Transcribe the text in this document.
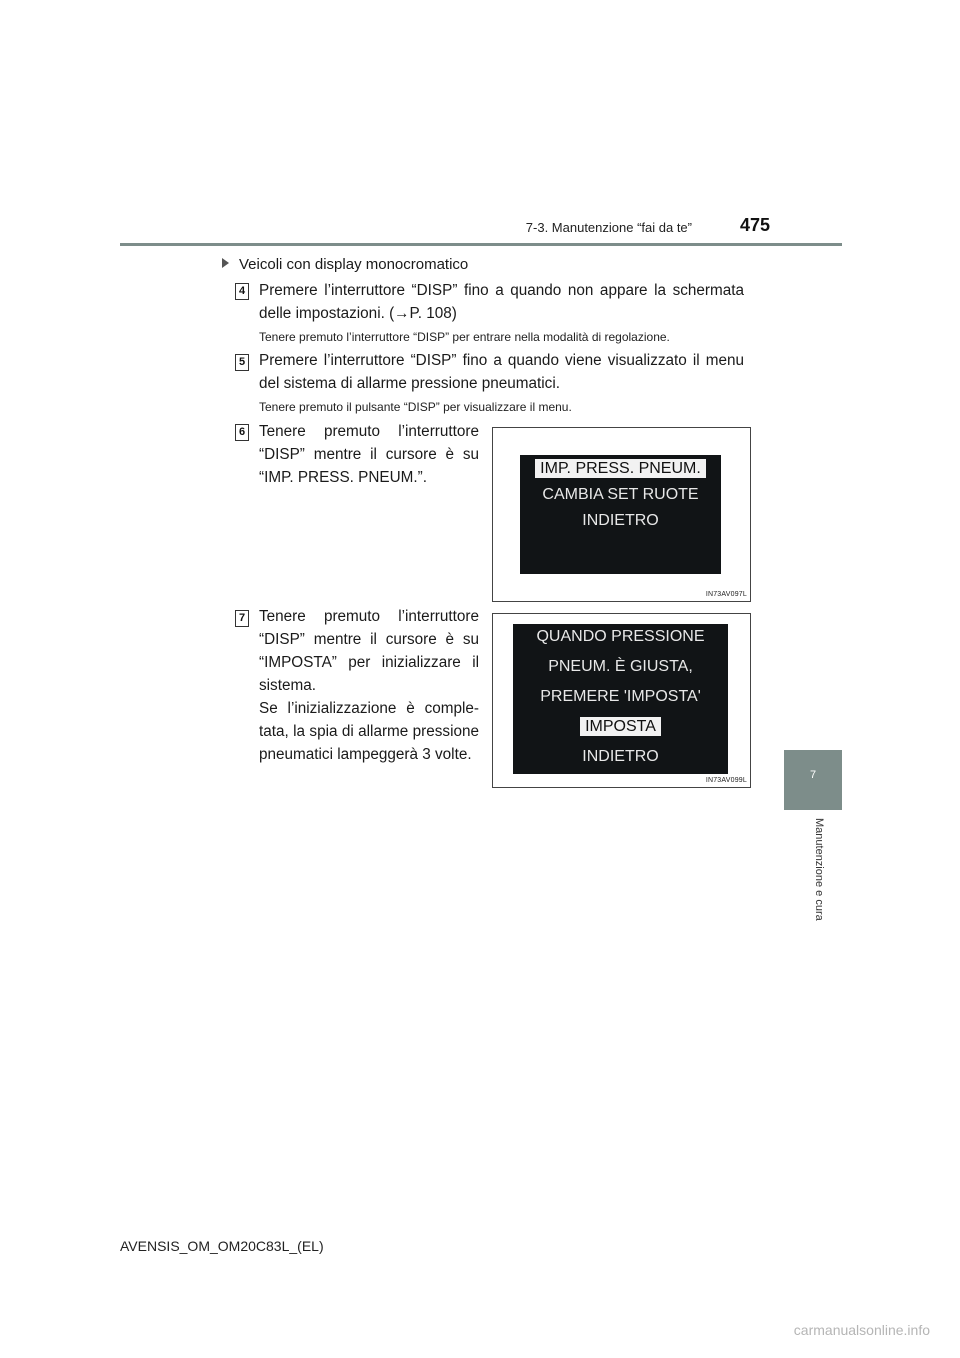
7-3. Manutenzione “fai da te”	475
7
Manutenzione e cura
Veicoli con display monocromatico
4 Premere l’interruttore “DISP” fino a quando non appare la schermata delle impostazioni. (→P. 108)
Tenere premuto l’interruttore “DISP” per entrare nella modalità di regolazione.
5 Premere l’interruttore “DISP” fino a quando viene visualizzato il menu del sistema di allarme pressione pneumatici.
Tenere premuto il pulsante “DISP” per visualizzare il menu.
6 Tenere premuto l’interruttore “DISP” mentre il cursore è su “IMP. PRESS. PNEUM.”.
IMP. PRESS. PNEUM.
CAMBIA SET RUOTE
INDIETRO
IN73AV097L
7 Tenere premuto l’interruttore “DISP” mentre il cursore è su “IMPOSTA” per inizializzare il sistema.
Se l’inizializzazione è comple-tata, la spia di allarme pressione pneumatici lampeggerà 3 volte.
QUANDO PRESSIONE
PNEUM. È GIUSTA,
PREMERE 'IMPOSTA'
IMPOSTA
INDIETRO
IN73AV099L
AVENSIS_OM_OM20C83L_(EL)
carmanualsonline.info
